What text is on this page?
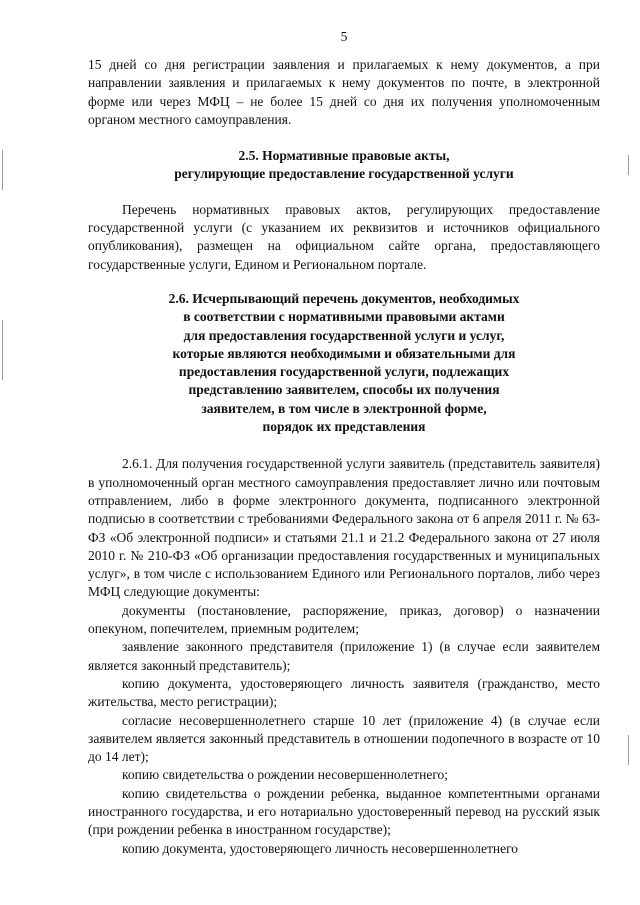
5

15 дней со дня регистрации заявления и прилагаемых к нему документов, а при направлении заявления и прилагаемых к нему документов по почте, в электронной форме или через МФЦ – не более 15 дней со дня их получения уполномоченным органом местного самоуправления.

2.5. Нормативные правовые акты,
регулирующие предоставление государственной услуги

Перечень нормативных правовых актов, регулирующих предоставление государственной услуги (с указанием их реквизитов и источников официального опубликования), размещен на официальном сайте органа, предоставляющего государственные услуги, Едином и Региональном портале.

2.6. Исчерпывающий перечень документов, необходимых
в соответствии с нормативными правовыми актами
для предоставления государственной услуги и услуг,
которые являются необходимыми и обязательными для
предоставления государственной услуги, подлежащих
представлению заявителем, способы их получения
заявителем, в том числе в электронной форме,
порядок их представления

2.6.1. Для получения государственной услуги заявитель (представитель заявителя) в уполномоченный орган местного самоуправления предоставляет лично или почтовым отправлением, либо в форме электронного документа, подписанного электронной подписью в соответствии с требованиями Федерального закона от 6 апреля 2011 г. № 63-ФЗ «Об электронной подписи» и статьями 21.1 и 21.2 Федерального закона от 27 июля 2010 г. № 210-ФЗ «Об организации предоставления государственных и муниципальных услуг», в том числе с использованием Единого или Регионального порталов, либо через МФЦ следующие документы:

документы (постановление, распоряжение, приказ, договор) о назначении опекуном, попечителем, приемным родителем;

заявление законного представителя (приложение 1) (в случае если заявителем является законный представитель);

копию документа, удостоверяющего личность заявителя (гражданство, место жительства, место регистрации);

согласие несовершеннолетнего старше 10 лет (приложение 4) (в случае если заявителем является законный представитель в отношении подопечного в возрасте от 10 до 14 лет);

копию свидетельства о рождении несовершеннолетнего;

копию свидетельства о рождении ребенка, выданное компетентными органами иностранного государства, и его нотариально удостоверенный перевод на русский язык (при рождении ребенка в иностранном государстве);

копию документа, удостоверяющего личность несовершеннолетнего
